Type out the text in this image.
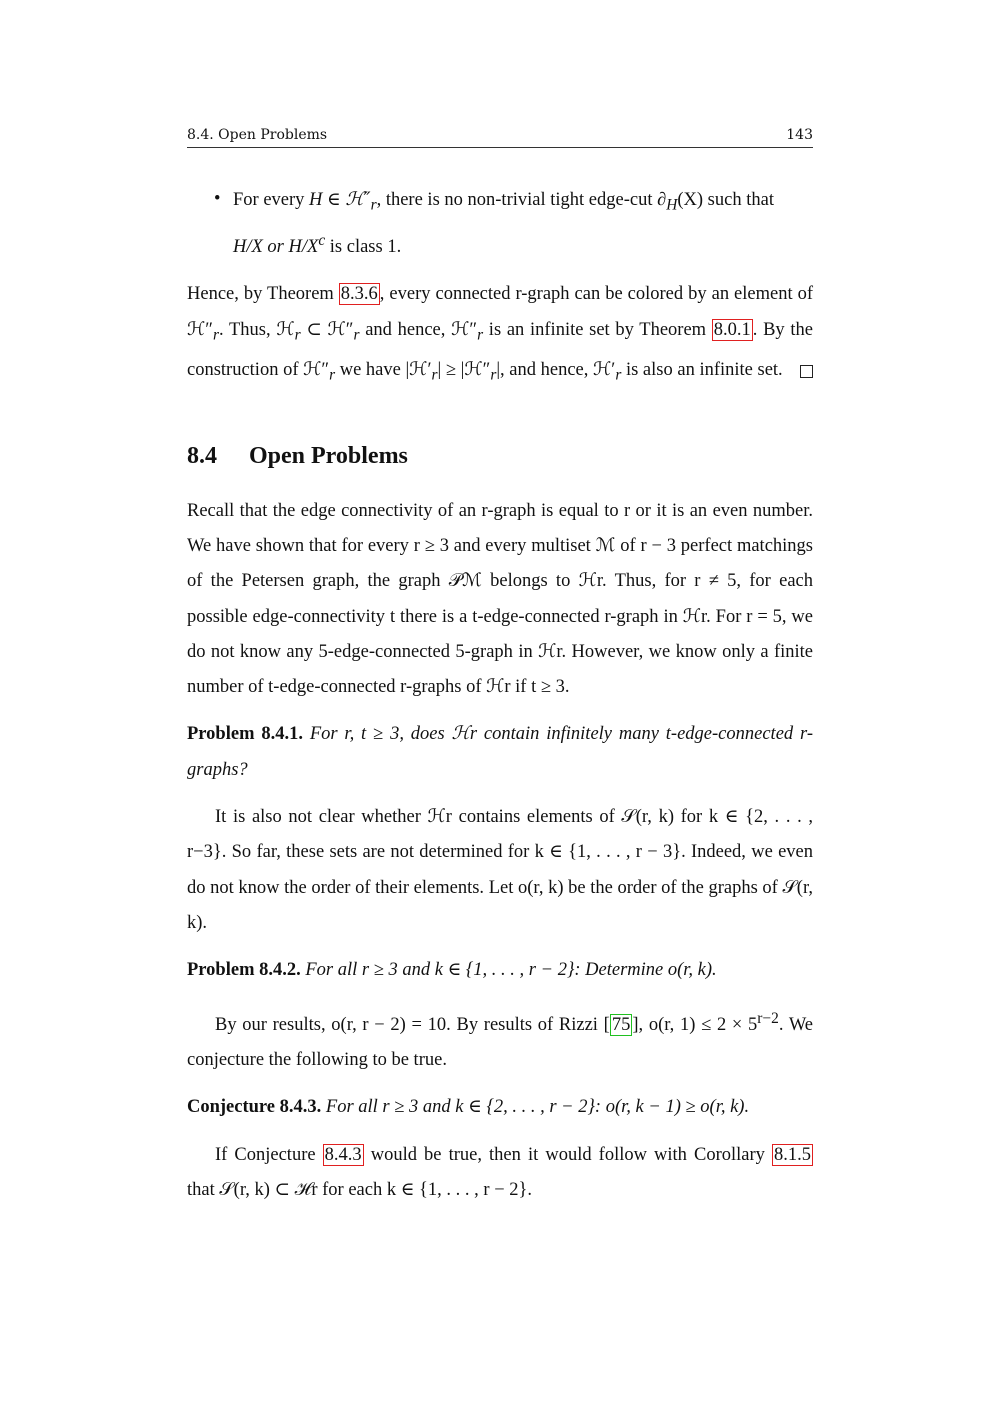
8.4. Open Problems	143

• For every H ∈ $ℋ''_r$, there is no non-trivial tight edge-cut $\partial_H(X)$ such that
H/X or $H/X^c$ is class 1.

Hence, by Theorem 8.3.6 , every connected r-graph can be colored by an element of $ℋ''_r$. Thus, ℋ$_r$ ⊂ $ℋ''_r$ and hence, $ℋ''_r$ is an infinite set by Theorem 8.0.1 . By the construction of $ℋ''_r$ we have $|ℋ'_r|$ ≥ $|ℋ''_r|$, and hence, $ℋ'_r$ is also an infinite set.

8.4 Open Problems

Recall that the edge connectivity of an r-graph is equal to r or it is an even number. We have shown that for every r ≥ 3 and every multiset ℳ of r − 3 perfect matchings of the Petersen graph, the graph 𝒫ℳ belongs to ℋr. Thus, for r ≠ 5, for each possible edge-connectivity t there is a t-edge-connected r-graph in ℋr. For r = 5, we do not know any 5-edge-connected 5-graph in ℋr. However, we know only a finite number of t-edge-connected r-graphs of ℋr if t ≥ 3.

Problem 8.4.1. For r, t ≥ 3, does ℋr contain infinitely many t-edge-connected r-graphs?

It is also not clear whether ℋr contains elements of 𝒮(r, k) for k ∈ {2, . . . , r−3}. So far, these sets are not determined for k ∈ {1, . . . , r − 3}. Indeed, we even do not know the order of their elements. Let o(r, k) be the order of the graphs of 𝒮(r, k).

Problem 8.4.2. For all r ≥ 3 and k ∈ {1, . . . , r − 2}: Determine o(r, k).

By our results, o(r, r − 2) = 10. By results of Rizzi [ 75 ], o(r, $1) \le 2 \times 5^{r-2}$. We conjecture the following to be true.

Conjecture 8.4.3. For all r ≥ 3 and k ∈ {2, . . . , r − 2}: o(r, k − 1) ≥ o(r, k).

If Conjecture 8.4.3 would be true, then it would follow with Corollary 8.1.5 that 𝒮(r, k) ⊂ ℋr for each k ∈ {1, . . . , r − 2}.
